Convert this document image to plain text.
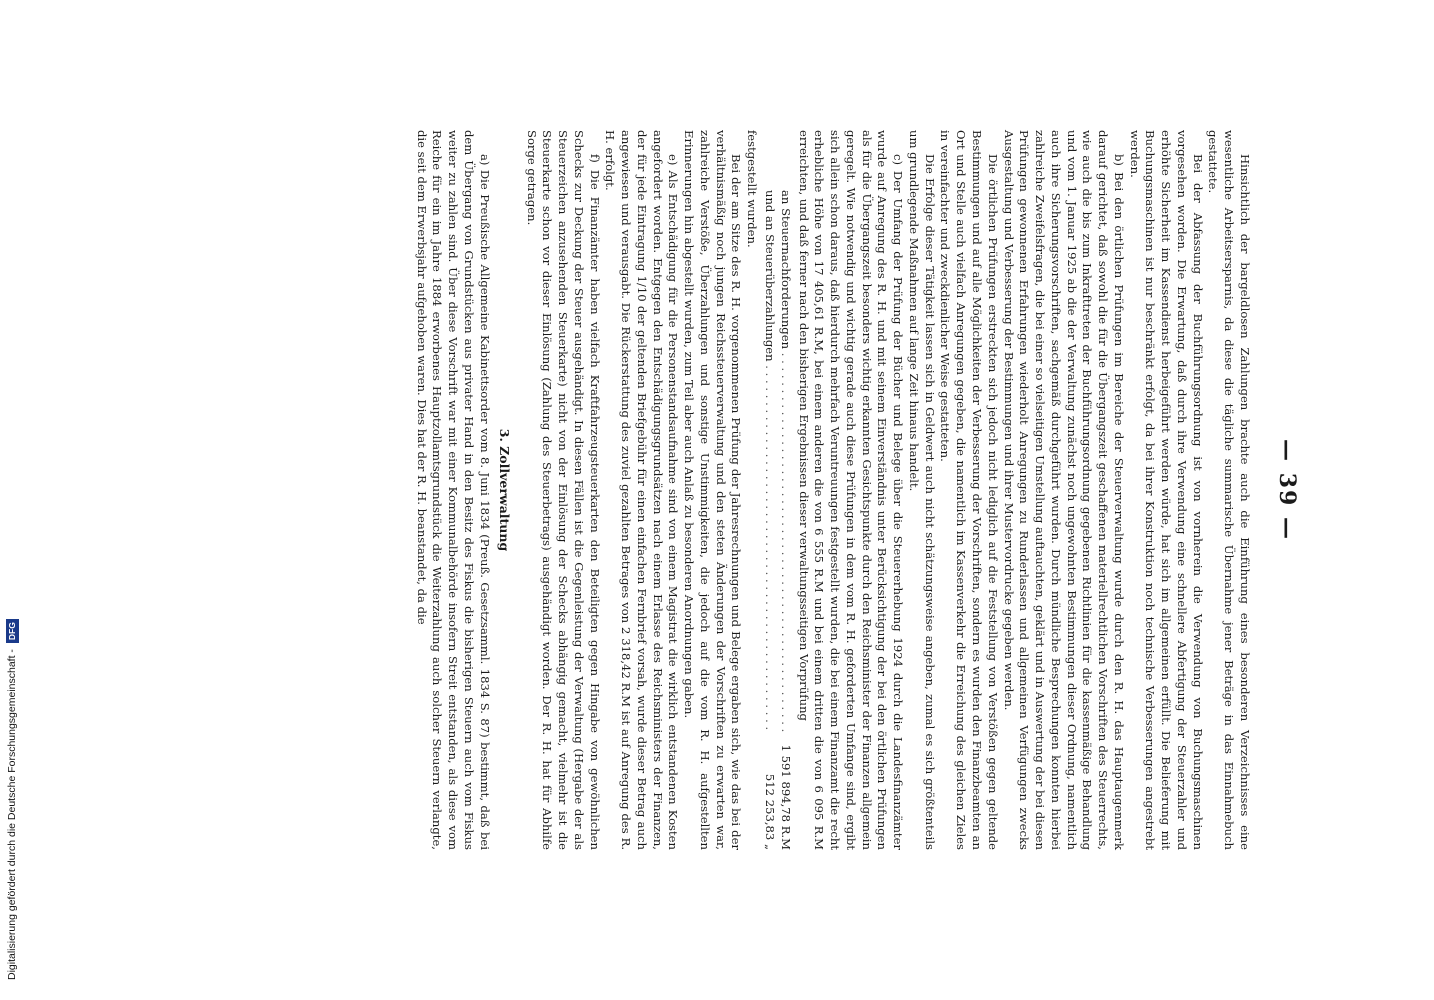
— 39 —

Hinsichtlich der bargeldlosen Zahlungen brachte auch die Einführung eines besonderen Verzeichnisses eine wesentliche Arbeitsersparnis, da diese die tägliche summarische Übernahme jener Beträge in das Einnahmebuch gestattete.

Bei der Abfassung der Buchführungsordnung ist von vornherein die Verwendung von Buchungsmaschinen vorgesehen worden. Die Erwartung, daß durch ihre Verwendung eine schnellere Abfertigung der Steuerzahler und erhöhte Sicherheit im Kassendienst herbeigeführt werden würde, hat sich im allgemeinen erfüllt. Die Belieferung mit Buchungsmaschinen ist nur beschränkt erfolgt, da bei ihrer Konstruktion noch technische Verbesserungen angestrebt werden.

b) Bei den örtlichen Prüfungen im Bereiche der Steuerverwaltung wurde durch den R. H. das Hauptaugenmerk darauf gerichtet, daß sowohl die für die Übergangszeit geschaffenen materiellrechtlichen Vorschriften des Steuerrechts, wie auch die bis zum Inkrafttreten der Buchführungsordnung gegebenen Richtlinien für die kassenmäßige Behandlung und vom 1. Januar 1925 ab die der Verwaltung zunächst noch ungewohnten Bestimmungen dieser Ordnung, namentlich auch ihre Sicherungsvorschriften, sachgemäß durchgeführt wurden. Durch mündliche Besprechungen konnten hierbei zahlreiche Zweifelsfragen, die bei einer so vielseitigen Umstellung auftauchten, geklärt und in Auswertung der bei diesen Prüfungen gewonnenen Erfahrungen wiederholt Anregungen zu Runderlassen und allgemeinen Verfügungen zwecks Ausgestaltung und Verbesserung der Bestimmungen und ihrer Mustervordrucke gegeben werden.

Die örtlichen Prüfungen erstreckten sich jedoch nicht lediglich auf die Feststellung von Verstößen gegen geltende Bestimmungen und auf alle Möglichkeiten der Verbesserung der Vorschriften, sondern es wurden den Finanzbeamten an Ort und Stelle auch vielfach Anregungen gegeben, die namentlich im Kassenverkehr die Erreichung des gleichen Zieles in vereinfachter und zweckdienlicher Weise gestatteten.

Die Erfolge dieser Tätigkeit lassen sich in Geldwert auch nicht schätzungsweise angeben, zumal es sich größtenteils um grundlegende Maßnahmen auf lange Zeit hinaus handelt.

c) Der Umfang der Prüfung der Bücher und Belege über die Steuererhebung 1924 durch die Landesfinanzämter wurde auf Anregung des R. H. und mit seinem Einverständnis unter Berücksichtigung der bei den örtlichen Prüfungen als für die Übergangszeit besonders wichtig erkannten Gesichtspunkte durch den Reichsminister der Finanzen allgemein geregelt. Wie notwendig und wichtig gerade auch diese Prüfungen in dem vom R. H. geforderten Umfange sind, ergibt sich allein schon daraus, daß hierdurch mehrfach Veruntreuungen festgestellt wurden, die bei einem Finanzamt die recht erhebliche Höhe von 17 405,61 R.M, bei einem anderen die von 6 555 R.M und bei einem dritten die von 6 095 R.M erreichten, und daß ferner nach den bisherigen Ergebnissen dieser verwaltungsseitigen Vorprüfung

an Steuernachforderungen . . .
1 591 894,78 R.M
und an Steuerüberzahlungen . . .
512 253,83 „

festgestellt wurden.

Bei der am Sitze des R. H. vorgenommenen Prüfung der Jahresrechnungen und Belege ergaben sich, wie das bei der verhältnismäßig noch jungen Reichssteuerverwaltung und den steten Änderungen der Vorschriften zu erwarten war, zahlreiche Verstöße, Überzahlungen und sonstige Unstimmigkeiten, die jedoch auf die vom R. H. aufgestellten Erinnerungen hin abgestellt wurden, zum Teil aber auch Anlaß zu besonderen Anordnungen gaben.

e) Als Entschädigung für die Personenstandsaufnahme sind von einem Magistrat die wirklich entstandenen Kosten angefordert worden. Entgegen den Entschädigungsgrundsätzen nach einem Erlasse des Reichsministers der Finanzen, der für jede Eintragung 1/10 der geltenden Briefgebühr für einen einfachen Fernbrief vorsah, wurde dieser Betrag auch angewiesen und verausgabt. Die Rückerstattung des zuviel gezahlten Betrages von 2 318,42 R.M ist auf Anregung des R. H. erfolgt.

f) Die Finanzämter haben vielfach Kraftfahrzeugsteuerkarten den Beteiligten gegen Hingabe von gewöhnlichen Schecks zur Deckung der Steuer ausgehändigt. In diesen Fällen ist die Gegenleistung der Verwaltung (Hergabe der als Steuerzeichen anzusehenden Steuerkarte) nicht von der Einlösung der Schecks abhängig gemacht, vielmehr ist die Steuerkarte schon vor dieser Einlösung (Zahlung des Steuerbetrags) ausgehändigt worden. Der R. H. hat für Abhilfe Sorge getragen.

3. Zollverwaltung

a) Die Preußische Allgemeine Kabinettsorder vom 8. Juni 1834 (Preuß. Gesetzsamml. 1834 S. 87) bestimmt, daß bei dem Übergang von Grundstücken aus privater Hand in den Besitz des Fiskus die bisherigen Steuern auch vom Fiskus weiter zu zahlen sind. Über diese Vorschrift war mit einer Kommunalbehörde insofern Streit entstanden, als diese vom Reiche für ein im Jahre 1884 erworbenes Hauptzollamtsgrundstück die Weiterzahlung auch solcher Steuern verlangte, die seit dem Erwerbsjahr aufgehoben waren. Dies hat der R. H. beanstandet, da die

Digitalisierung gefördert durch die Deutsche Forschungsgemeinschaft -
DFG
